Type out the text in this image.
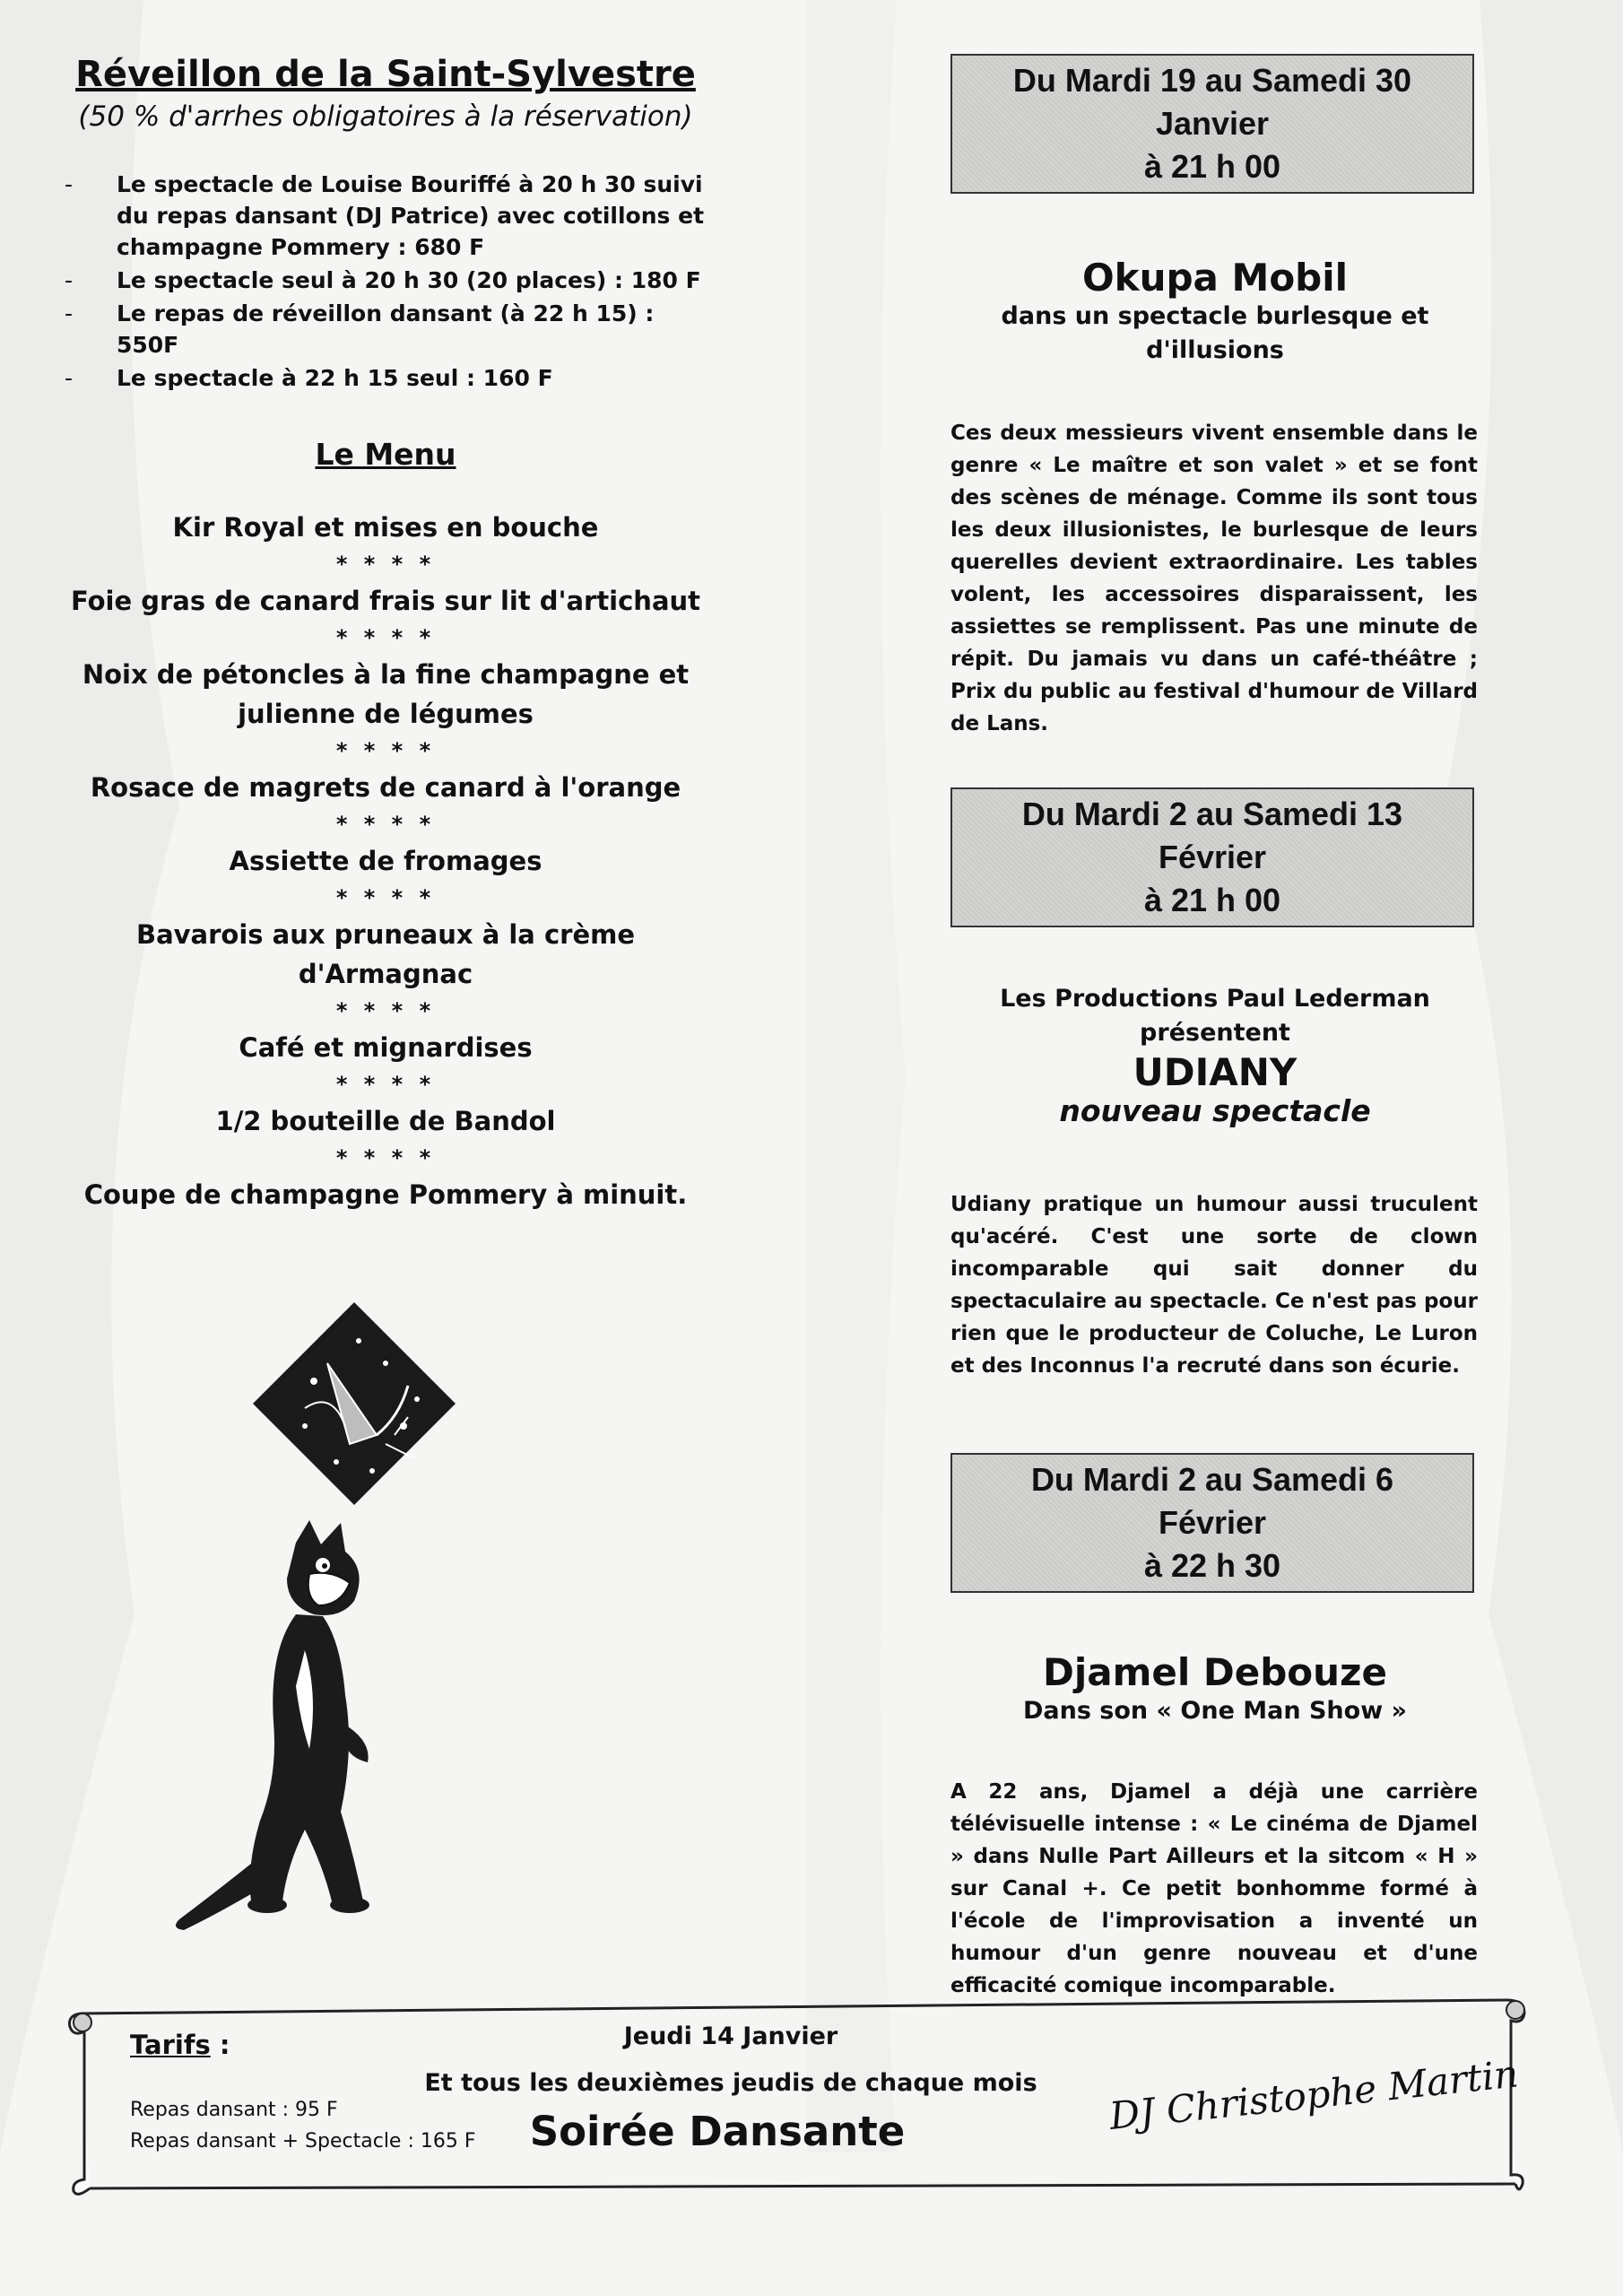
Réveillon de la Saint-Sylvestre
(50 % d'arrhes obligatoires à la réservation)
- Le spectacle de Louise Bouriffé à 20 h 30 suivi du repas dansant (DJ Patrice) avec cotillons et champagne Pommery : 680 F
- Le spectacle seul à 20 h 30 (20 places) : 180 F
- Le repas de réveillon dansant (à 22 h 15) : 550F
- Le spectacle à 22 h 15 seul : 160 F
Le Menu
Kir Royal et mises en bouche
* * * *
Foie gras de canard frais sur lit d'artichaut
* * * *
Noix de pétoncles à la fine champagne et julienne de légumes
* * * *
Rosace de magrets de canard à l'orange
* * * *
Assiette de fromages
* * * *
Bavarois aux pruneaux à la crème d'Armagnac
* * * *
Café et mignardises
* * * *
1/2 bouteille de Bandol
* * * *
Coupe de champagne Pommery à minuit.
Du Mardi 19 au Samedi 30
Janvier
à 21 h 00
Okupa Mobil
dans un spectacle burlesque et
d'illusions
Ces deux messieurs vivent ensemble dans le genre « Le maître et son valet » et se font des scènes de ménage. Comme ils sont tous les deux illusionistes, le burlesque de leurs querelles devient extraordinaire. Les tables volent, les accessoires disparaissent, les assiettes se remplissent. Pas une minute de répit. Du jamais vu dans un café-théâtre ; Prix du public au festival d'humour de Villard de Lans.
Du Mardi 2 au Samedi 13
Février
à 21 h 00
Les Productions Paul Lederman
présentent
UDIANY
nouveau spectacle
Udiany pratique un humour aussi truculent qu'acéré. C'est une sorte de clown incomparable qui sait donner du spectaculaire au spectacle. Ce n'est pas pour rien que le producteur de Coluche, Le Luron et des Inconnus l'a recruté dans son écurie.
Du Mardi 2 au Samedi 6
Février
à 22 h 30
Djamel Debouze
Dans son « One Man Show »
A 22 ans, Djamel a déjà une carrière télévisuelle intense : « Le cinéma de Djamel » dans Nulle Part Ailleurs et la sitcom « H » sur Canal +. Ce petit bonhomme formé à l'école de l'improvisation a inventé un humour d'un genre nouveau et d'une efficacité comique incomparable.
Tarifs :
Repas dansant : 95 F
Repas dansant + Spectacle : 165 F
Jeudi 14 Janvier
Et tous les deuxièmes jeudis de chaque mois
Soirée Dansante	DJ Christophe Martin
